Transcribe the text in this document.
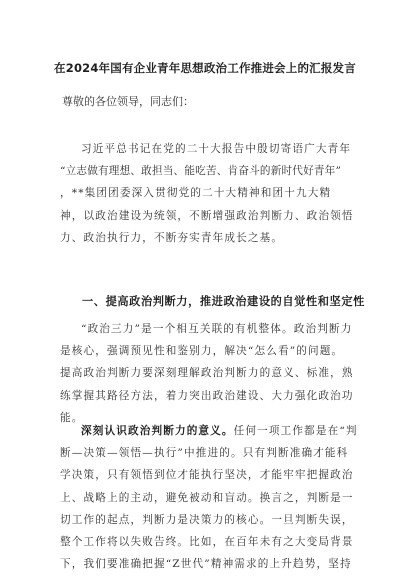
在2024年国有企业青年思想政治工作推进会上的汇报发言
尊敬的各位领导，同志们：
习近平总书记在党的二十大报告中殷切寄语广大青年
“立志做有理想、敢担当、能吃苦、肯奋斗的新时代好青年”
，**集团团委深入贯彻党的二十大精神和团十九大精
神，以政治建设为统领，不断增强政治判断力、政治领悟
力、政治执行力，不断夯实青年成长之基。
一、提高政治判断力，推进政治建设的自觉性和坚定性
“政治三力”是一个相互关联的有机整体。政治判断力
是核心，强调预见性和鉴别力，解决“怎么看”的问题。
提高政治判断力要深刻理解政治判断力的意义、标准，熟
练掌握其路径方法，着力突出政治建设、大力强化政治功
能。
深刻认识政治判断力的意义。任何一项工作都是在“判
断—决策—领悟—执行”中推进的。只有判断准确才能科
学决策，只有领悟到位才能执行坚决，才能牢牢把握政治
上、战略上的主动，避免被动和盲动。换言之，判断是一
切工作的起点，判断力是决策力的核心。一旦判断失误，
整个工作将以失败告终。比如，在百年未有之大变局背景
下，我们要准确把握“Z世代”精神需求的上升趋势，坚持
